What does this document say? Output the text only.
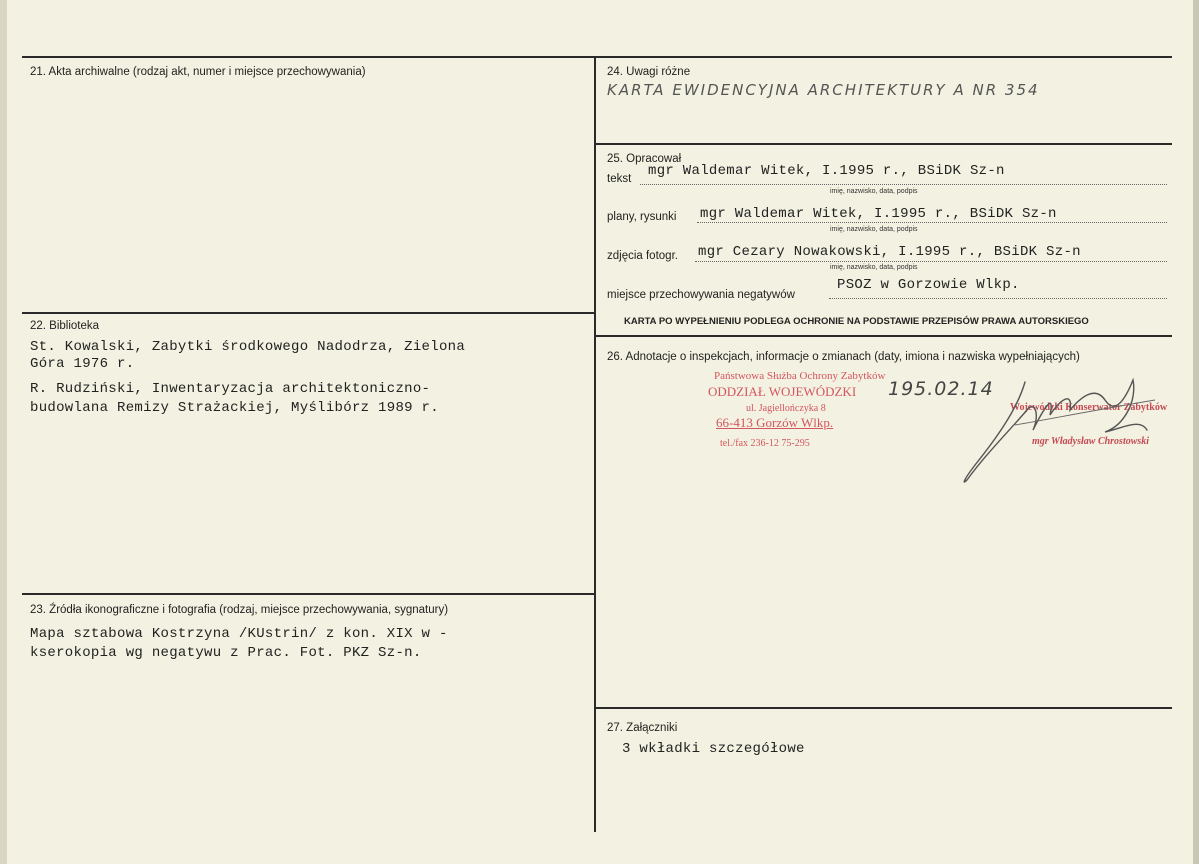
21. Akta archiwalne (rodzaj akt, numer i miejsce przechowywania)
22. Biblioteka
St. Kowalski, Zabytki środkowego Nadodrza, Zielona
Góra 1976 r.
R. Rudziński, Inwentaryzacja architektoniczno-
budowlana Remizy Strażackiej, Myślibórz 1989 r.
23. Źródła ikonograficzne i fotografia (rodzaj, miejsce przechowywania, sygnatury)
Mapa sztabowa Kostrzyna /KUstrin/ z kon. XIX w -
kserokopia wg negatywu z Prac. Fot. PKZ Sz-n.
24. Uwagi różne
KARTA EWIDENCYJNA ARCHITEKTURY A NR 354
25. Opracował
tekst mgr Waldemar Witek, I.1995 r., BSiDK Sz-n
imię, nazwisko, data, podpis
plany, rysunki mgr Waldemar Witek, I.1995 r., BSiDK Sz-n
imię, nazwisko, data, podpis
zdjęcia fotogr. mgr Cezary Nowakowski, I.1995 r., BSiDK Sz-n
imię, nazwisko, data, podpis
miejsce przechowywania negatywów
PSOZ w Gorzowie Wlkp.
KARTA PO WYPEŁNIENIU PODLEGA OCHRONIE NA PODSTAWIE PRZEPISÓW PRAWA AUTORSKIEGO
26. Adnotacje o inspekcjach, informacje o zmianach (daty, imiona i nazwiska wypełniających)
Państwowa Służba Ochrony Zabytków
ODDZIAŁ WOJEWÓDZKI
ul. Jagiellończyka 8
66-413 Gorzów Wlkp.
tel./fax 236-12 75-295
195.02.14
Wojewódzki Konserwator Zabytków
mgr Władysław Chrostowski
27. Załączniki
3 wkładki szczegółowe
